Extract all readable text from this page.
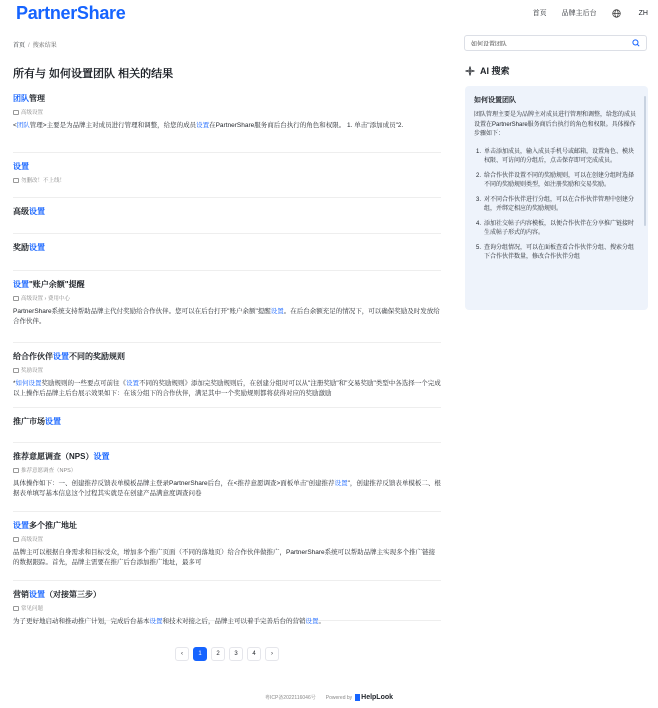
PartnerShare	首页 品牌主后台	ZH
首页 / 搜索结果
所有与 如何设置团队 相关的结果
团队管理
高级设置
<团队管理>主要是为品牌主对成员进行管理和调整，给您的成员设置在PartnerShare服务商后台执行的角色和权限。 1. 单击"添加成员"2.
设置
勿删改！不上线！
高级设置
奖励设置
设置"账户余额"提醒
高级设置 › 费用中心
PartnerShare系统支持帮助品牌主代付奖励给合作伙伴。您可以在后台打开"账户余额"提醒设置。在后台余额充足的情况下，可以确保奖励及时发放给合作伙伴。
给合作伙伴设置不同的奖励规则
奖励设置
*如何设置奖励规则的一些要点可前往《设置不同的奖励规则》添加完奖励规则后，在创建分组时可以从"注册奖励"和"交易奖励"类型中各选择一个完成以上操作后品牌主后台展示效果如下：在该分组下的合作伙伴，满足其中一个奖励规则都将获得对应的奖励激励
推广市场设置
推荐意愿调查（NPS）设置
推荐意愿调查（NPS）
具体操作如下：一、创建推荐反馈表单模板品牌主登录PartnerShare后台，在<推荐意愿调查>面板单击"创建推荐设置"，创建推荐反馈表单模板二、根据表单填写基本信息这个过程其实就是在创建产品满意度调查问卷
设置多个推广地址
高级设置
品牌主可以根据自身需求和目标受众，增加多个推广页面（不同的落地页）给合作伙伴做推广，PartnerShare系统可以帮助品牌主实现多个推广链接的数据跟踪。首先，品牌主需要在推广后台添加推广地址，最多可
营销设置（对接第三步）
常见问题
为了更好地启动和推动推广计划，完成后台基本设置和技术对接之后，品牌主可以着手完善后台的营销设置。
‹	1	2	3	4	›
粤ICP备2022116046号 Powered by HelpLook
如何设置团队
AI 搜索
如何设置团队

团队管理主要是为品牌主对成员进行管理和调整，给您的成员设置在PartnerShare服务商后台执行的角色和权限。具体操作步骤如下：

1. 单击添加成员，输入成员手机号或邮箱，设置角色、模块权限、可访问的分组后，点击保存即可完成成员。
2. 给合作伙伴设置不同的奖励规则，可以在创建分组时选择不同的奖励规则类型，如注册奖励和交易奖励。
3. 对不同合作伙伴进行分组，可以在合作伙伴管理中创建分组，并绑定相应的奖励规则。
4. 添加社交帖子内容模板，以便合作伙伴在分享推广链接时生成帖子形式的内容。
5. 查询分组情况，可以在面板查看合作伙伴分组、搜索分组下合作伙伴数量，修改合作伙伴分组
